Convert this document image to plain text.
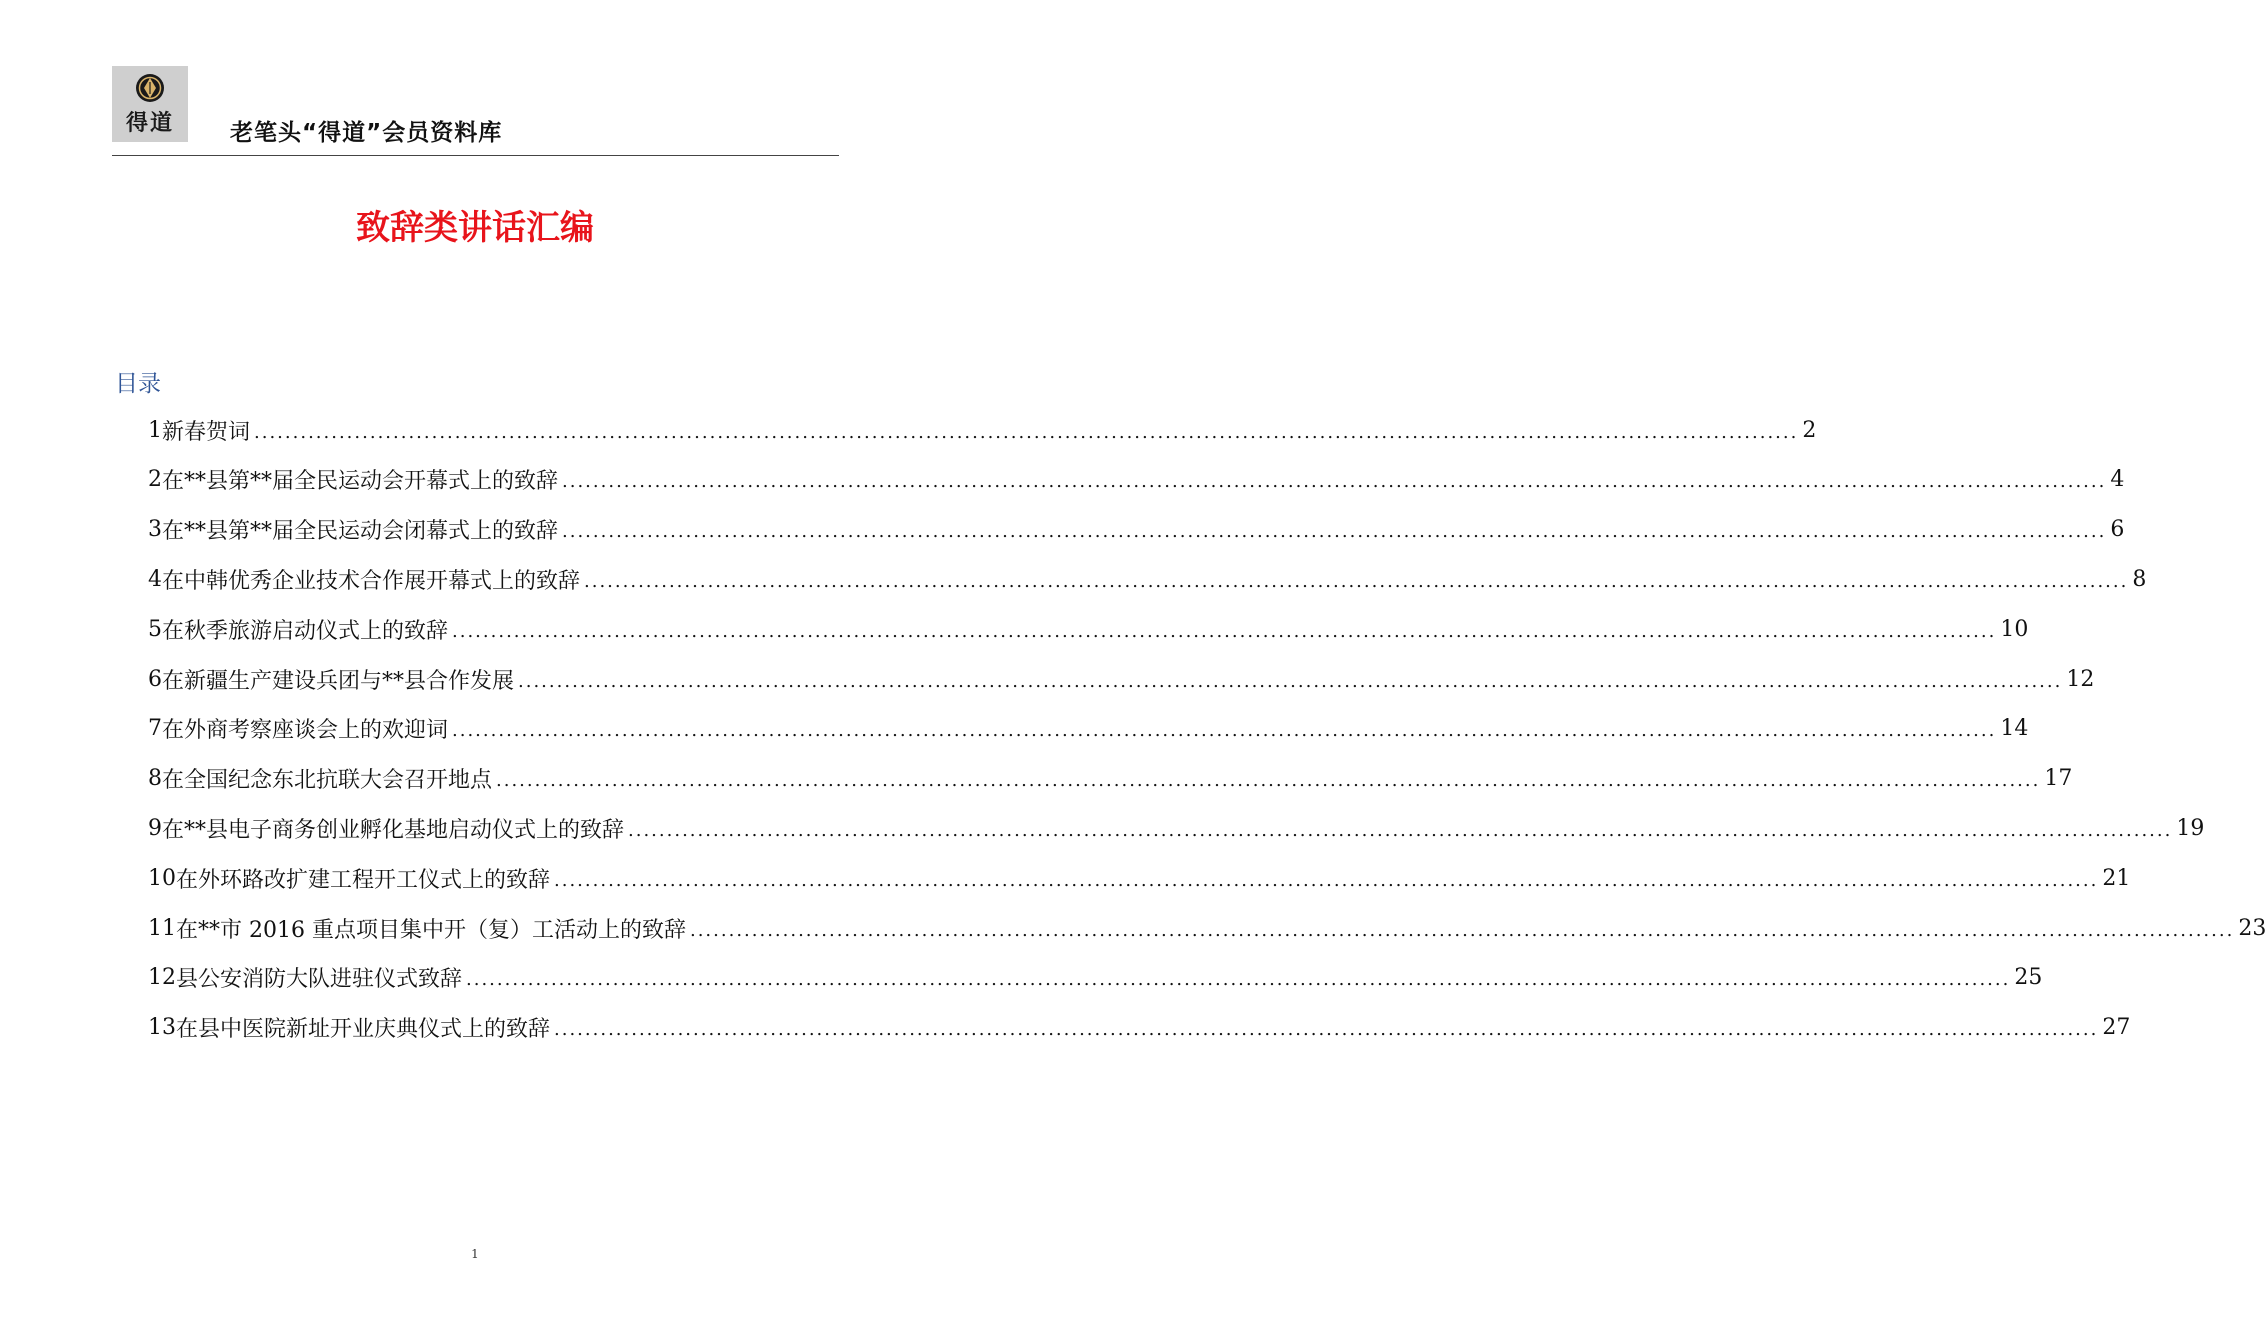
得道	老笔头“得道”会员资料库
致辞类讲话汇编
目录
1 新春贺词 ........................................................................................................................................................................................................ 2
2 在**县第**届全民运动会开幕式上的致辞 ........................................................................................................................................................................................................ 4
3 在**县第**届全民运动会闭幕式上的致辞 ........................................................................................................................................................................................................ 6
4 在中韩优秀企业技术合作展开幕式上的致辞 ........................................................................................................................................................................................................ 8
5 在秋季旅游启动仪式上的致辞 ........................................................................................................................................................................................................ 10
6 在新疆生产建设兵团与**县合作发展 ........................................................................................................................................................................................................ 12
7 在外商考察座谈会上的欢迎词 ........................................................................................................................................................................................................ 14
8 在全国纪念东北抗联大会召开地点 ........................................................................................................................................................................................................ 17
9 在**县电子商务创业孵化基地启动仪式上的致辞 ........................................................................................................................................................................................................ 19
10 在外环路改扩建工程开工仪式上的致辞 ........................................................................................................................................................................................................ 21
11 在**市 2016 重点项目集中开（复）工活动上的致辞 ........................................................................................................................................................................................................ 23
12 县公安消防大队进驻仪式致辞 ........................................................................................................................................................................................................ 25
13 在县中医院新址开业庆典仪式上的致辞 ........................................................................................................................................................................................................ 27
1
